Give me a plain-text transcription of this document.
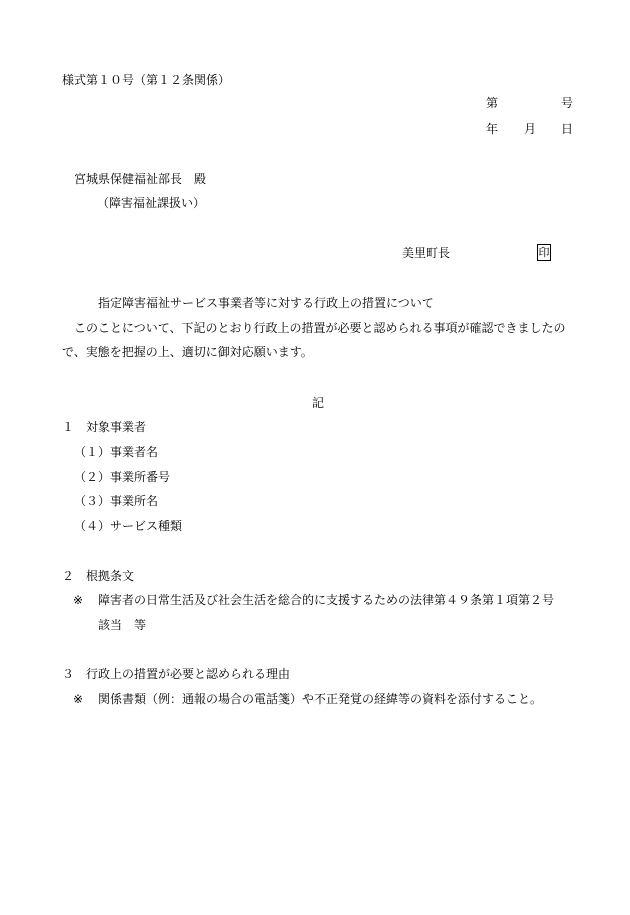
様式第１０号（第１２条関係）
第	号
年 月 日
宮城県保健福祉部長　殿
（障害福祉課扱い）
美里町長	印
指定障害福祉サービス事業者等に対する行政上の措置について
このことについて、下記のとおり行政上の措置が必要と認められる事項が確認できましたの
で、実態を把握の上、適切に御対応願います。
記
１　対象事業者
（１）事業者名
（２）事業所番号
（３）事業所名
（４）サービス種類
２　根拠条文
※ 障害者の日常生活及び社会生活を総合的に支援するための法律第４９条第１項第２号
該当　等
３　行政上の措置が必要と認められる理由
※ 関係書類（例：通報の場合の電話箋）や不正発覚の経緯等の資料を添付すること。
